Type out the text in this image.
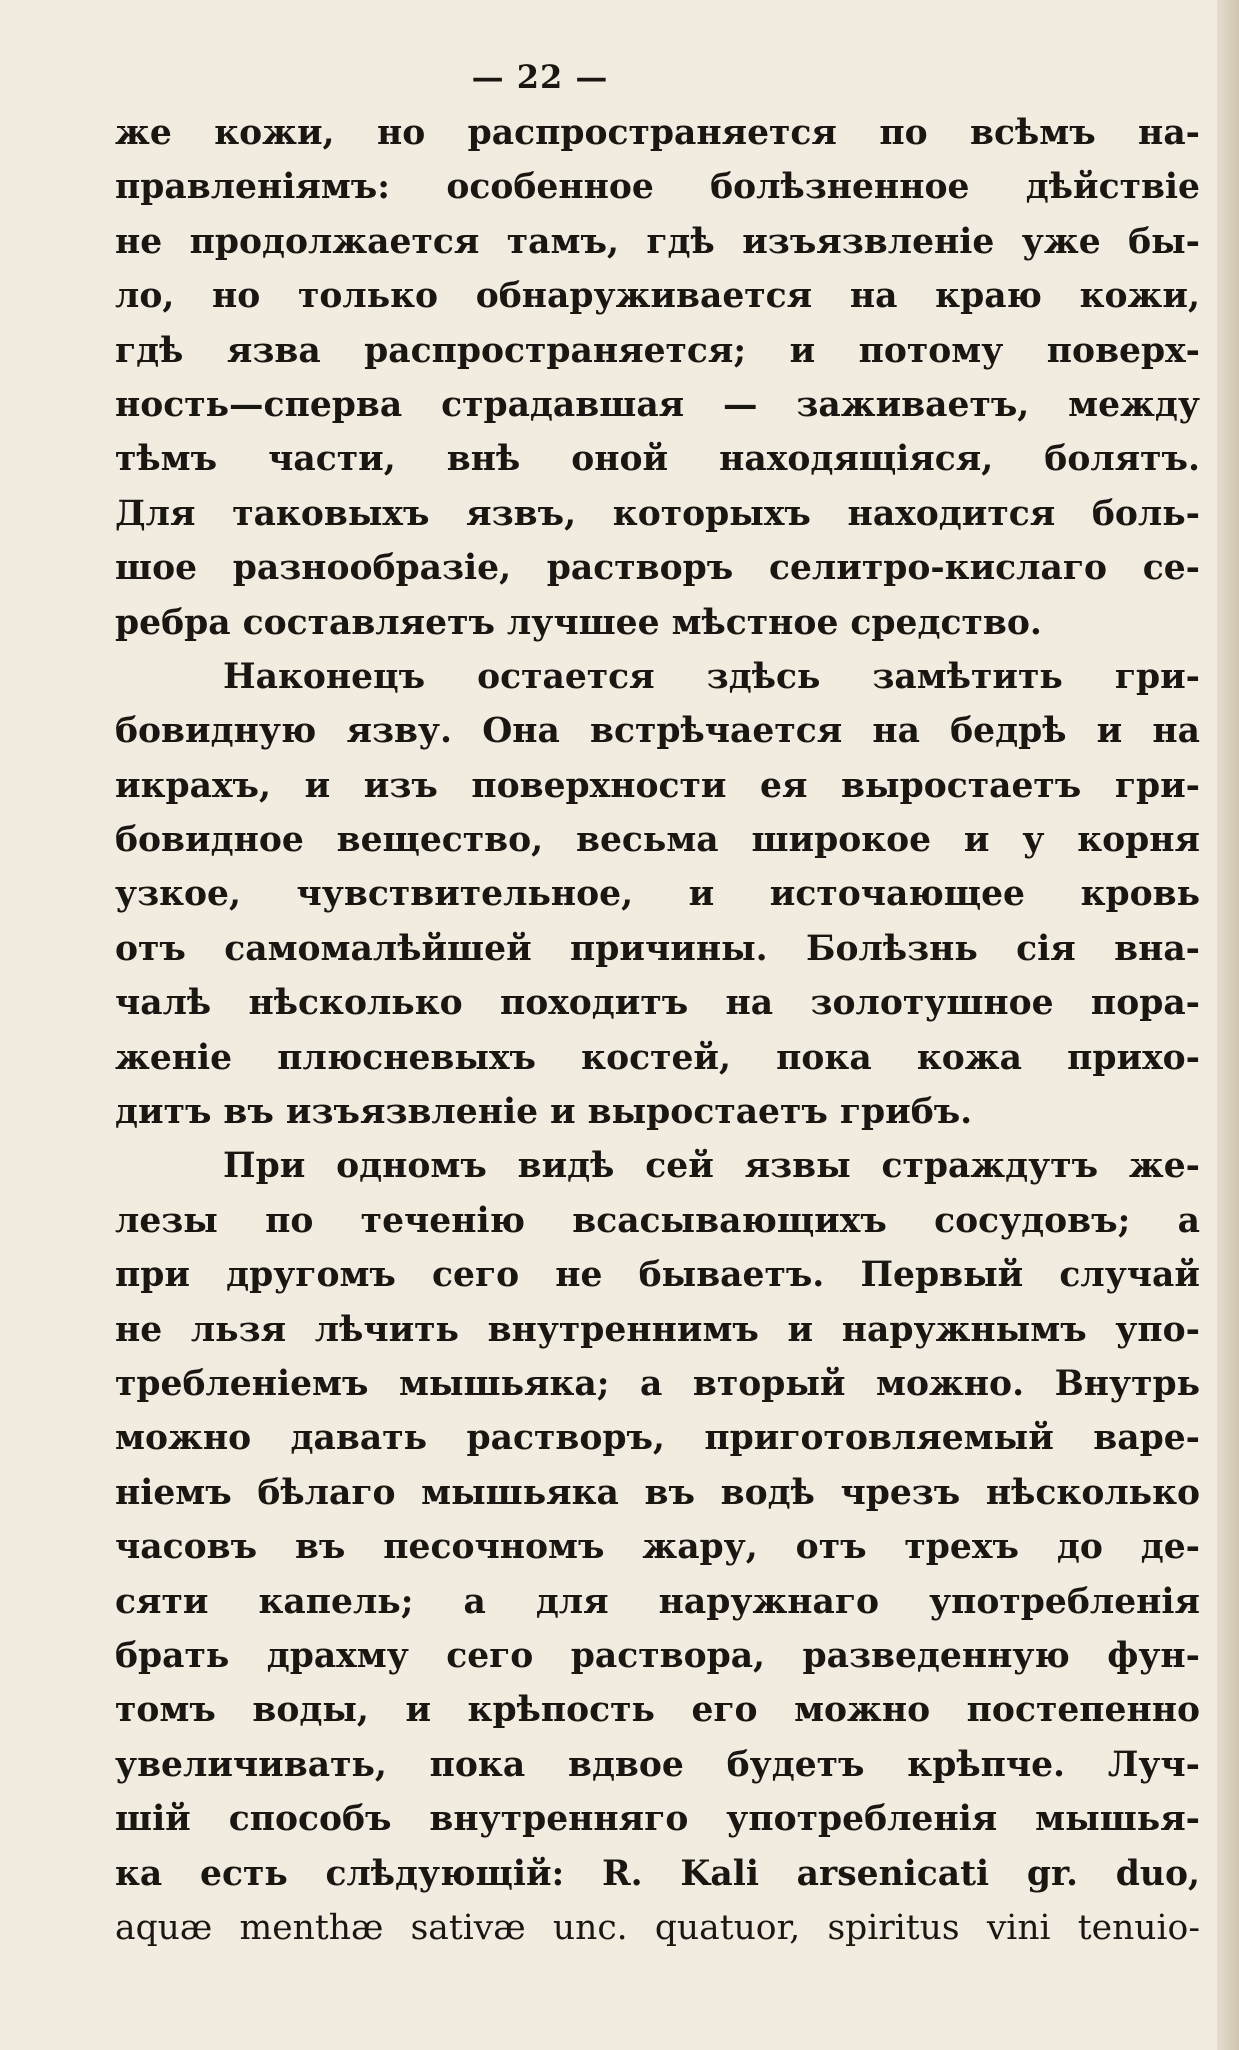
— 22 —
же кожи, но распространяется по всѣмъ на-
правленіямъ: особенное болѣзненное дѣйствіе
не продолжается тамъ, гдѣ изъязвленіе уже бы-
ло, но только обнаруживается на краю кожи,
гдѣ язва распространяется; и потому поверх-
ность—сперва страдавшая — заживаетъ, между
тѣмъ части, внѣ оной находящіяся, болятъ.
Для таковыхъ язвъ, которыхъ находится боль-
шое разнообразіе, растворъ селитро-кислаго се-
ребра составляетъ лучшее мѣстное средство.
Наконецъ остается здѣсь замѣтить гри-
бовидную язву. Она встрѣчается на бедрѣ и на
икрахъ, и изъ поверхности ея выростаетъ гри-
бовидное вещество, весьма широкое и у корня
узкое, чувствительное, и источающее кровь
отъ самомалѣйшей причины. Болѣзнь сія вна-
чалѣ нѣсколько походитъ на золотушное пора-
женіе плюсневыхъ костей, пока кожа прихо-
дитъ въ изъязвленіе и выростаетъ грибъ.
При одномъ видѣ сей язвы страждутъ же-
лезы по теченію всасывающихъ сосудовъ; а
при другомъ сего не бываетъ. Первый случай
не льзя лѣчить внутреннимъ и наружнымъ упо-
требленіемъ мышьяка; а вторый можно. Внутрь
можно давать растворъ, приготовляемый варе-
ніемъ бѣлаго мышьяка въ водѣ чрезъ нѣсколько
часовъ въ песочномъ жару, отъ трехъ до де-
сяти капель; а для наружнаго употребленія
брать драхму сего раствора, разведенную фун-
томъ воды, и крѣпость его можно постепенно
увеличивать, пока вдвое будетъ крѣпче. Луч-
шій способъ внутренняго употребленія мышья-
ка есть слѣдующій: R. Kali arsenicati gr. duo,
aquæ menthæ sativæ unc. quatuor, spiritus vini tenuio-
